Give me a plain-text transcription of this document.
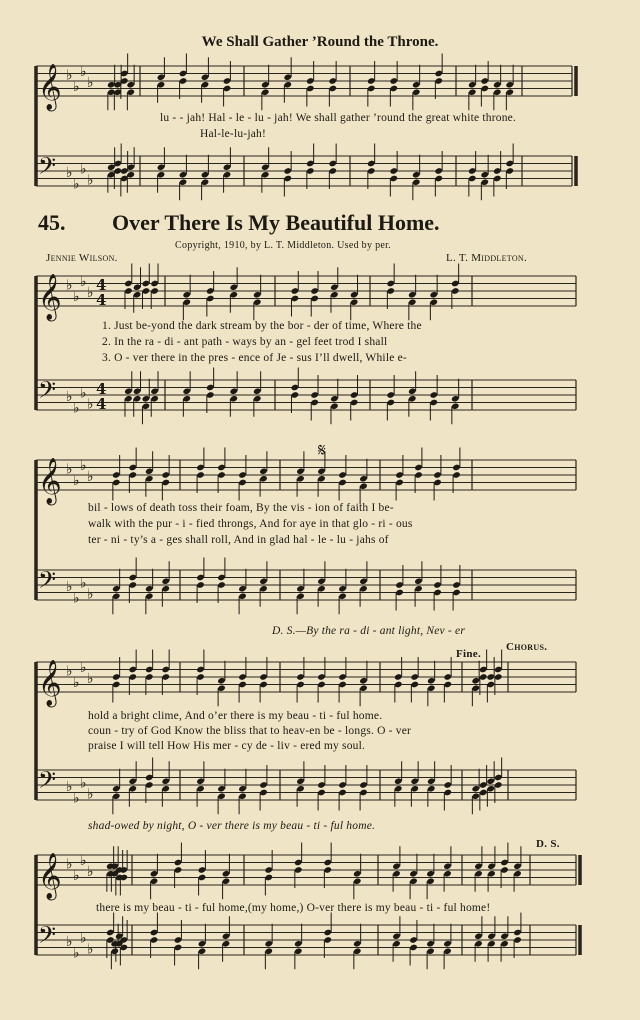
𝄞 ♭
♭
♭
♭
𝄢 ♭
♭
♭
♭
𝄞 ♭
♭
♭
♭ 4
4
𝄢 ♭
♭
♭
♭
4
4
𝄞 ♭
♭
♭
♭
𝄢 ♭
♭
♭
♭
𝄞 ♭
♭
♭
♭
𝄢 ♭
♭
♭
♭
𝄞 ♭
♭
♭
♭
𝄢 ♭
♭
♭
♭
𝄋
We Shall Gather ’Round the Throne.
lu - - jah! Hal - le - lu - jah! We shall gather ’round the great white throne.
Hal-le-lu-jah!
45. Over There Is My Beautiful Home.
Copyright, 1910, by L. T. Middleton. Used by per.
Jennie Wilson.	L. T. Middleton.
1. Just be-yond the dark stream by the bor - der of time, Where the
2. In the ra - di - ant path - ways by an - gel feet trod I shall
3. O - ver there in the pres - ence of Je - sus I’ll dwell, While e-
bil - lows of death toss their foam, By the vis - ion of faith I be-
walk with the pur - i - fied throngs, And for aye in that glo - ri - ous
ter - ni - ty’s a - ges shall roll, And in glad hal - le - lu - jahs of
D. S.—By the ra - di - ant light, Nev - er
Fine.
Chorus.
hold a bright clime, And o’er there is my beau - ti - ful home.
coun - try of God Know the bliss that to heav-en be - longs. O - ver
praise I will tell How His mer - cy de - liv - ered my soul.
shad-owed by night, O - ver there is my beau - ti - ful home.
D. S.
there is my beau - ti - ful home,(my home,) O-ver there is my beau - ti - ful home!
